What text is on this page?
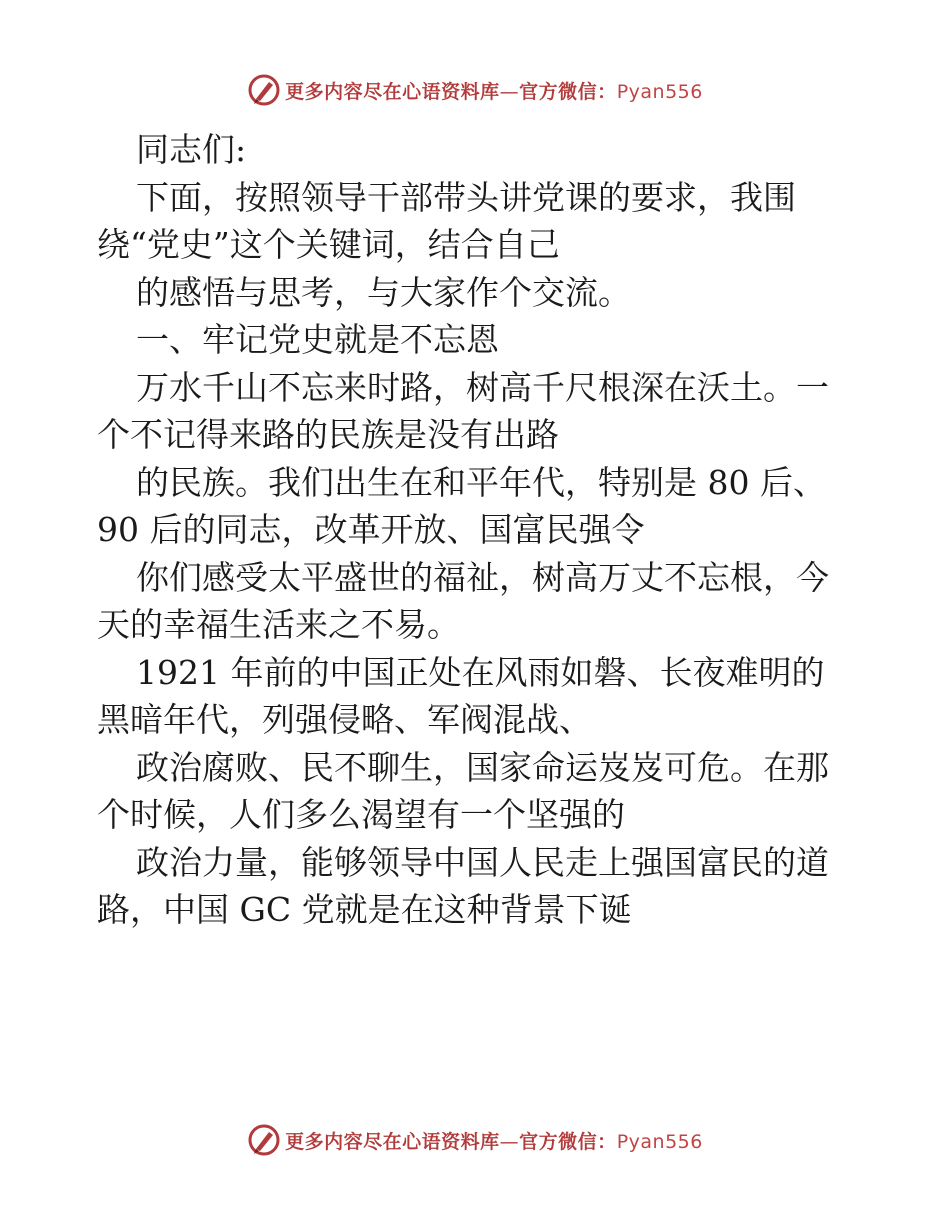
更多内容尽在心语资料库—官方微信：Pyan556
同志们:
下面，按照领导干部带头讲党课的要求，我围
绕“党史”这个关键词，结合自己
的感悟与思考，与大家作个交流。
一、牢记党史就是不忘恩
万水千山不忘来时路，树高千尺根深在沃土。一
个不记得来路的民族是没有出路
的民族。我们出生在和平年代，特别是 80 后、
90 后的同志，改革开放、国富民强令
你们感受太平盛世的福祉，树高万丈不忘根，今
天的幸福生活来之不易。
1921 年前的中国正处在风雨如磐、长夜难明的
黑暗年代，列强侵略、军阀混战、
政治腐败、民不聊生，国家命运岌岌可危。在那
个时候，人们多么渴望有一个坚强的
政治力量，能够领导中国人民走上强国富民的道
路，中国 GC 党就是在这种背景下诞
更多内容尽在心语资料库—官方微信：Pyan556
